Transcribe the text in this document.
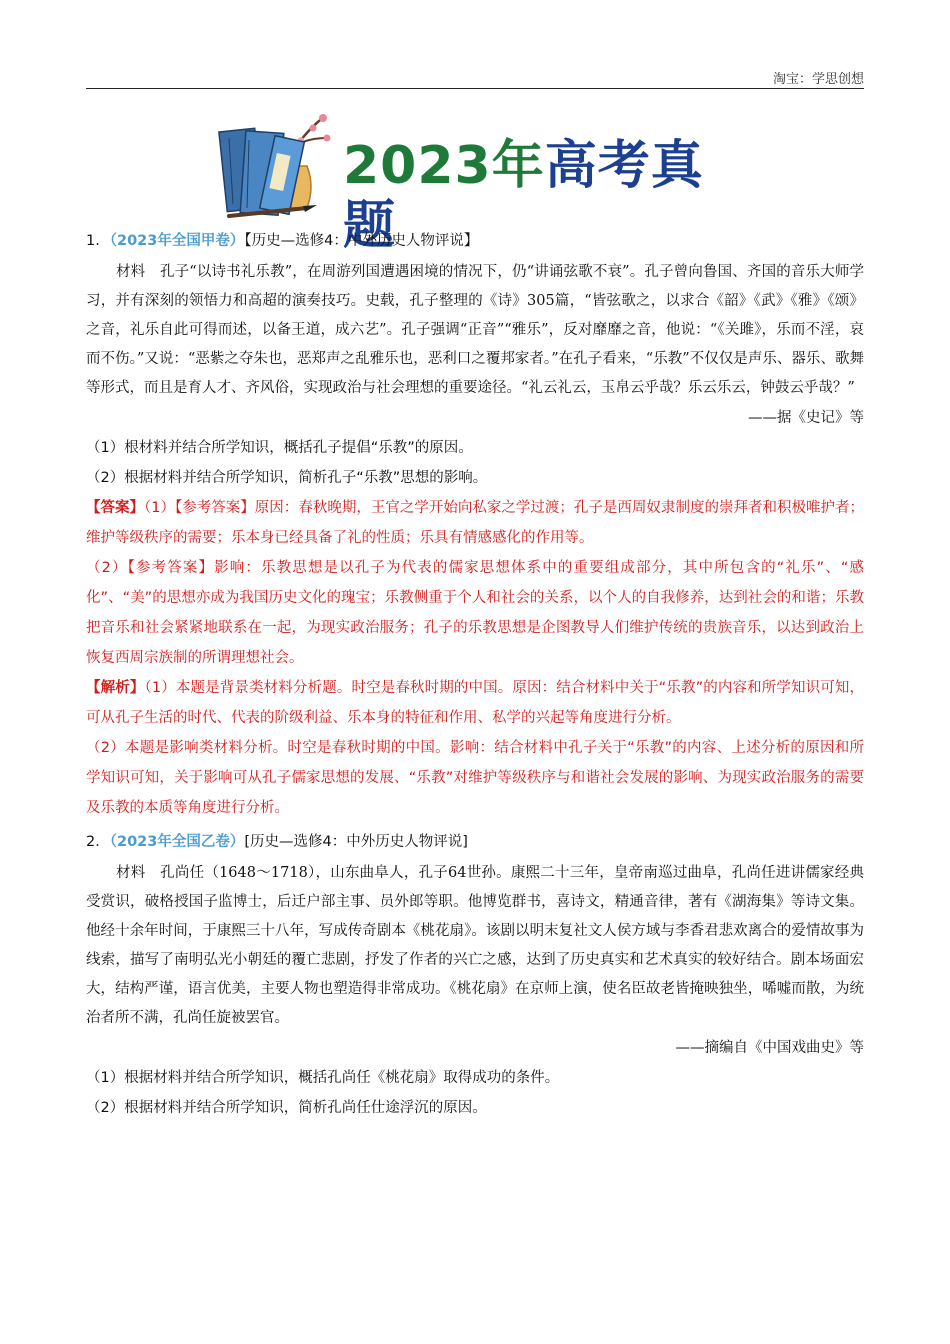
淘宝：学思创想
2023年高考真题
1．（2023年全国甲卷）【历史—选修4：中外历史人物评说】

材料　孔子“以诗书礼乐教”，在周游列国遭遇困境的情况下，仍“讲诵弦歌不衰”。孔子曾向鲁国、齐国的音乐大师学习，并有深刻的领悟力和高超的演奏技巧。史载，孔子整理的《诗》305篇，“皆弦歌之，以求合《韶》《武》《雅》《颂》之音，礼乐自此可得而述，以备王道，成六艺”。孔子强调“正音”“雅乐”，反对靡靡之音，他说：“《关雎》，乐而不淫，哀而不伤。”又说：“恶紫之夺朱也，恶郑声之乱雅乐也，恶利口之覆邦家者。”在孔子看来，“乐教”不仅仅是声乐、器乐、歌舞等形式，而且是育人才、齐风俗，实现政治与社会理想的重要途径。“礼云礼云，玉帛云乎哉？乐云乐云，钟鼓云乎哉？”

——据《史记》等
（1）根材料并结合所学知识，概括孔子提倡“乐教”的原因。
（2）根据材料并结合所学知识，简析孔子“乐教”思想的影响。
【答案】（1）【参考答案】原因：春秋晚期，王官之学开始向私家之学过渡；孔子是西周奴隶制度的崇拜者和积极唯护者；维护等级秩序的需要；乐本身已经具备了礼的性质；乐具有情感感化的作用等。
（2）【参考答案】影响：乐教思想是以孔子为代表的儒家思想体系中的重要组成部分，其中所包含的“礼乐”、“感化”、“美”的思想亦成为我国历史文化的瑰宝；乐教侧重于个人和社会的关系，以个人的自我修养，达到社会的和谐；乐教把音乐和社会紧紧地联系在一起，为现实政治服务；孔子的乐教思想是企图教导人们维护传统的贵族音乐，以达到政治上恢复西周宗族制的所谓理想社会。
【解析】（1）本题是背景类材料分析题。时空是春秋时期的中国。原因：结合材料中关于“乐教”的内容和所学知识可知，可从孔子生活的时代、代表的阶级利益、乐本身的特征和作用、私学的兴起等角度进行分析。
（2）本题是影响类材料分析。时空是春秋时期的中国。影响：结合材料中孔子关于“乐教”的内容、上述分析的原因和所学知识可知，关于影响可从孔子儒家思想的发展、“乐教”对维护等级秩序与和谐社会发展的影响、为现实政治服务的需要及乐教的本质等角度进行分析。
2．（2023年全国乙卷）[历史—选修4：中外历史人物评说]

材料　孔尚任（1648～1718），山东曲阜人，孔子64世孙。康熙二十三年，皇帝南巡过曲阜，孔尚任进讲儒家经典受赏识，破格授国子监博士，后迁户部主事、员外郎等职。他博览群书，喜诗文，精通音律，著有《湖海集》等诗文集。他经十余年时间，于康熙三十八年，写成传奇剧本《桃花扇》。该剧以明末复社文人侯方域与李香君悲欢离合的爱情故事为线索，描写了南明弘光小朝廷的覆亡悲剧，抒发了作者的兴亡之感，达到了历史真实和艺术真实的较好结合。剧本场面宏大，结构严谨，语言优美，主要人物也塑造得非常成功。《桃花扇》在京师上演，使名臣故老皆掩映独坐，唏嘘而散，为统治者所不满，孔尚任旋被罢官。

——摘编自《中国戏曲史》等
（1）根据材料并结合所学知识，概括孔尚任《桃花扇》取得成功的条件。
（2）根据材料并结合所学知识，简析孔尚任仕途浮沉的原因。
